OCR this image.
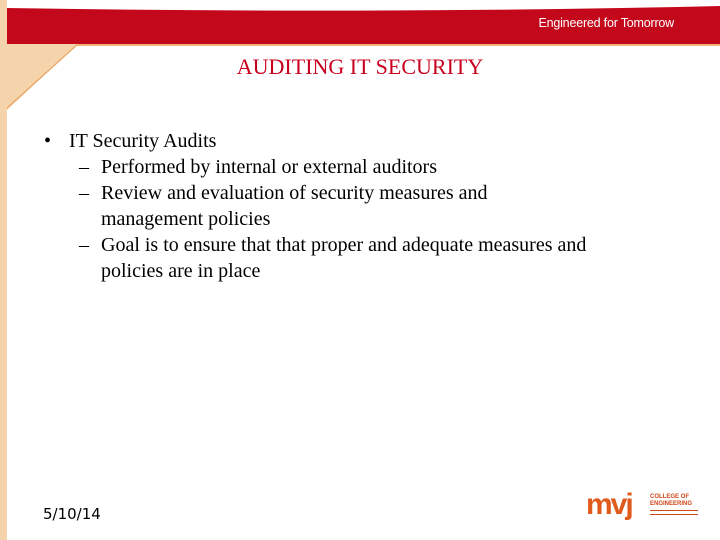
Engineered for Tomorrow
AUDITING IT SECURITY
• IT Security Audits
– Performed by internal or external auditors
– Review and evaluation of security measures and management policies
– Goal is to ensure that that proper and adequate measures and policies are in place
5/10/14	mvj	COLLEGE OF
ENGINEERING
